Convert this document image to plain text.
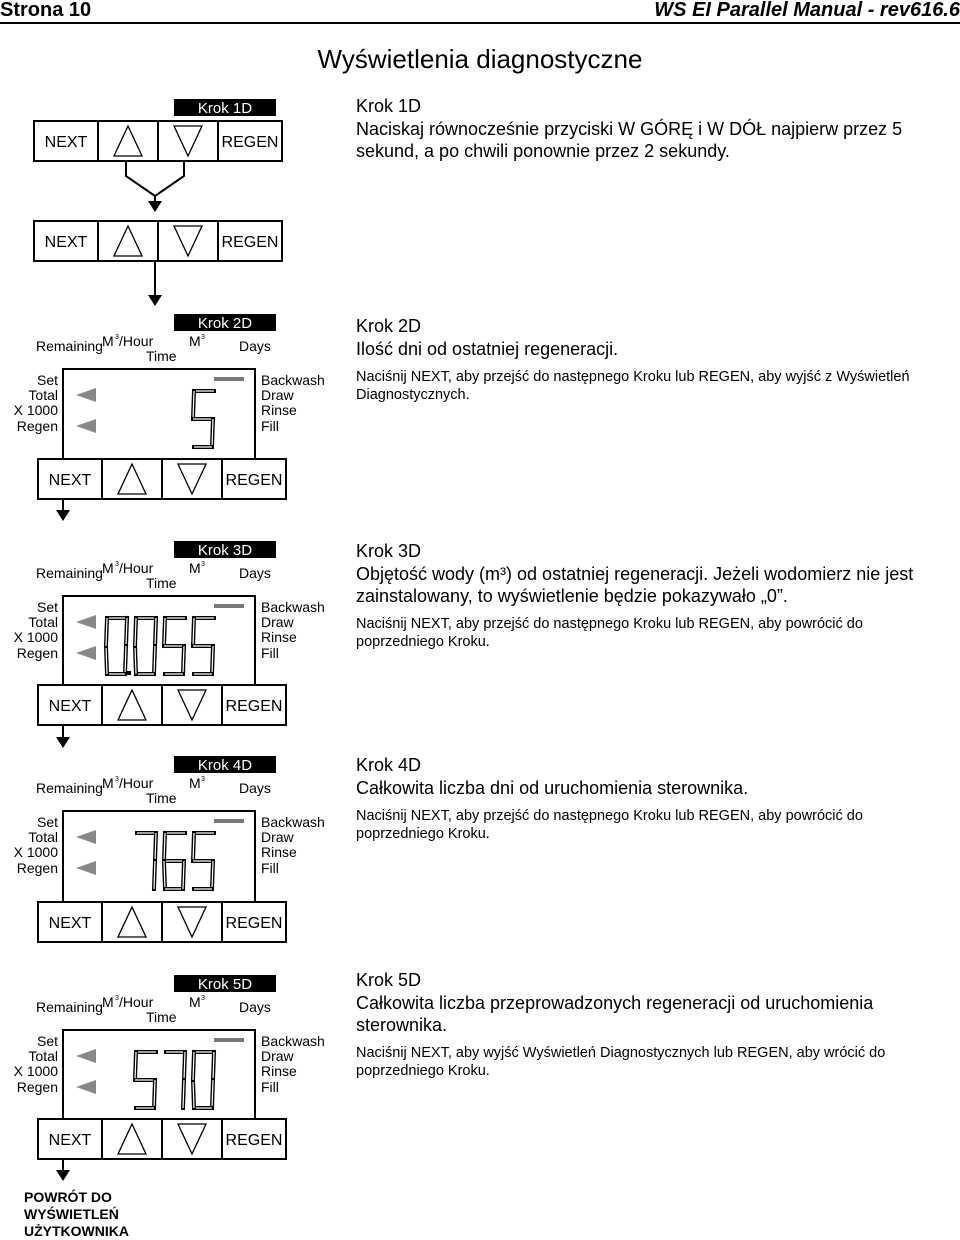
Strona 10	WS EI Parallel Manual - rev616.6
Wyświetlenia diagnostyczne
Krok 1D
NEXT	REGEN
NEXT	REGEN
Remaining M 3 /Hour
Time
M 3
Days
Set
Total
X 1000
Regen
Backwash
Draw
Rinse
Fill
Krok 2D
NEXT	REGEN
Remaining M 3 /Hour
Time
M 3
Days
Set
Total
X 1000
Regen
Backwash
Draw
Rinse
Fill
Krok 3D
NEXT	REGEN
Remaining M 3 /Hour
Time
M 3
Days
Set
Total
X 1000
Regen
Backwash
Draw
Rinse
Fill
Krok 4D
NEXT	REGEN
Remaining M 3 /Hour
Time
M 3
Days
Set
Total
X 1000
Regen
Backwash
Draw
Rinse
Fill
Krok 5D
NEXT	REGEN
Krok 1D
Naciskaj równocześnie przyciski W GÓRĘ i W DÓŁ najpierw przez 5 sekund, a po chwili ponownie przez 2 sekundy.
Krok 2D
Ilość dni od ostatniej regeneracji.
Naciśnij NEXT, aby przejść do następnego Kroku lub REGEN, aby wyjść z Wyświetleń Diagnostycznych.
Krok 3D
Objętość wody (m³) od ostatniej regeneracji. Jeżeli wodomierz nie jest zainstalowany, to wyświetlenie będzie pokazywało „0”.
Naciśnij NEXT, aby przejść do następnego Kroku lub REGEN, aby powrócić do poprzedniego Kroku.
Krok 4D
Całkowita liczba dni od uruchomienia sterownika.
Naciśnij NEXT, aby przejść do następnego Kroku lub REGEN, aby powrócić do poprzedniego Kroku.
Krok 5D
Całkowita liczba przeprowadzonych regeneracji od uruchomienia sterownika.
Naciśnij NEXT, aby wyjść Wyświetleń Diagnostycznych lub REGEN, aby wrócić do poprzedniego Kroku.
POWRÓT DO WYŚWIETLEŃ UŻYTKOWNIKA
